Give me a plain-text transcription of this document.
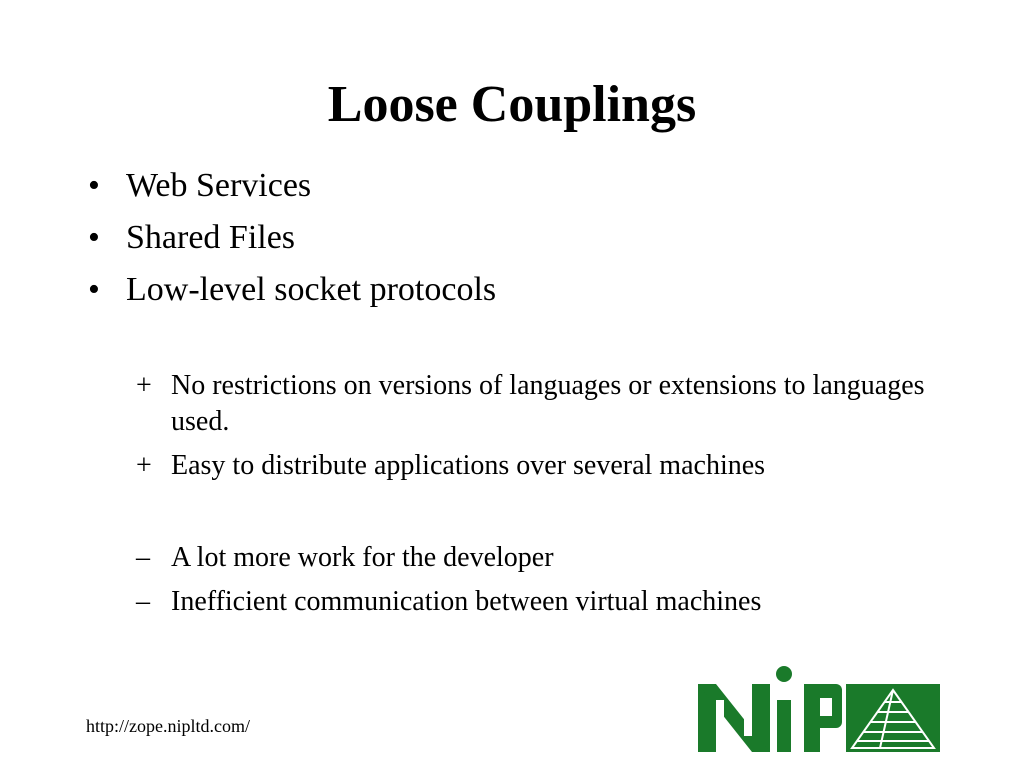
Loose Couplings
• Web Services
• Shared Files
• Low-level socket protocols
+ No restrictions on versions of languages or extensions to languages used.
+ Easy to distribute applications over several machines
– A lot more work for the developer
– Inefficient communication between virtual machines
http://zope.nipltd.com/
